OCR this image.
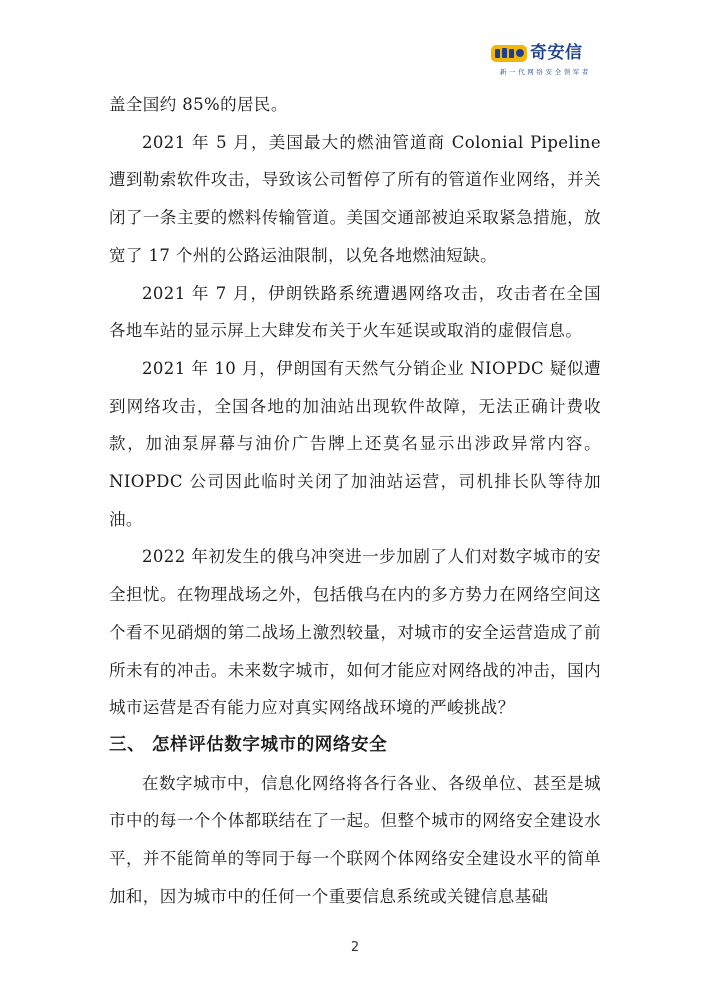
奇安信
新一代网络安全领军者

盖全国约 85%的居民。

2021 年 5 月，美国最大的燃油管道商 Colonial Pipeline 遭到勒索软件攻击，导致该公司暂停了所有的管道作业网络，并关闭了一条主要的燃料传输管道。美国交通部被迫采取紧急措施，放宽了 17 个州的公路运油限制，以免各地燃油短缺。

2021 年 7 月，伊朗铁路系统遭遇网络攻击，攻击者在全国各地车站的显示屏上大肆发布关于火车延误或取消的虚假信息。

2021 年 10 月，伊朗国有天然气分销企业 NIOPDC 疑似遭到网络攻击，全国各地的加油站出现软件故障，无法正确计费收款，加油泵屏幕与油价广告牌上还莫名显示出涉政异常内容。NIOPDC 公司因此临时关闭了加油站运营，司机排长队等待加油。

2022 年初发生的俄乌冲突进一步加剧了人们对数字城市的安全担忧。在物理战场之外，包括俄乌在内的多方势力在网络空间这个看不见硝烟的第二战场上激烈较量，对城市的安全运营造成了前所未有的冲击。未来数字城市，如何才能应对网络战的冲击，国内城市运营是否有能力应对真实网络战环境的严峻挑战？

三、 怎样评估数字城市的网络安全

在数字城市中，信息化网络将各行各业、各级单位、甚至是城市中的每一个个体都联结在了一起。但整个城市的网络安全建设水平，并不能简单的等同于每一个联网个体网络安全建设水平的简单加和，因为城市中的任何一个重要信息系统或关键信息基础

2
